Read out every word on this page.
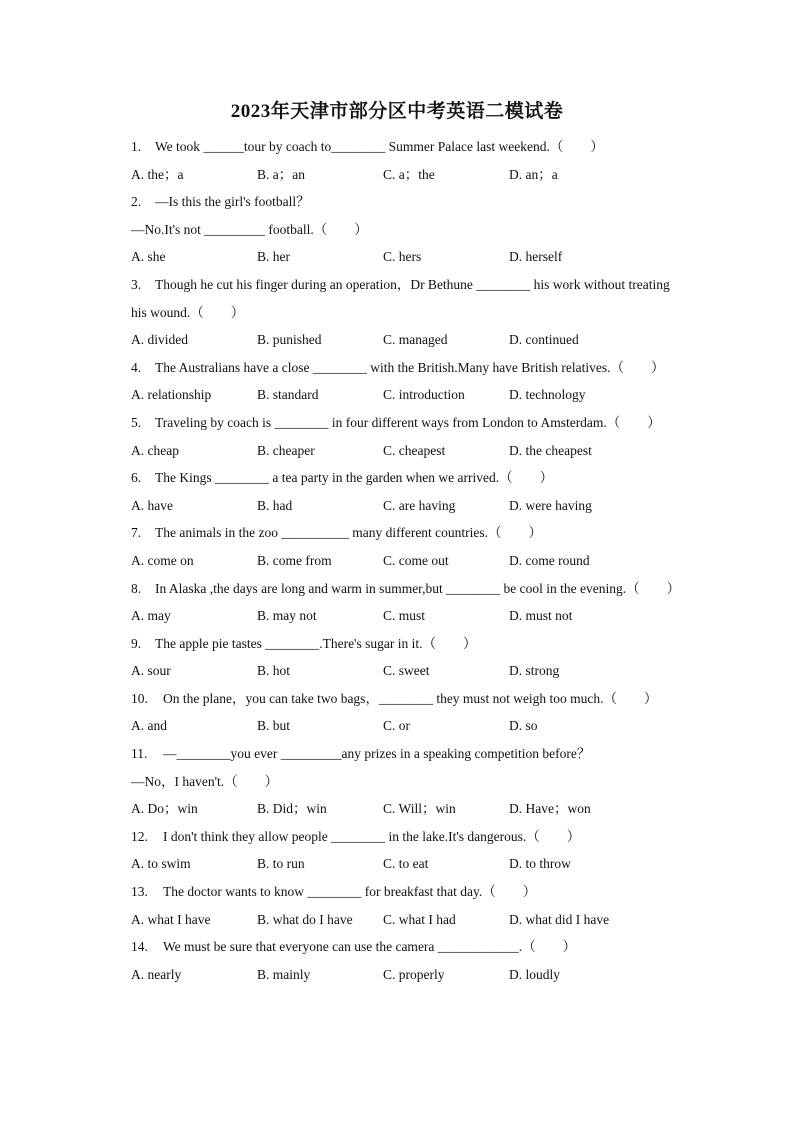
2023年天津市部分区中考英语二模试卷
1. We took ______tour by coach to________ Summer Palace last weekend.（　　）
A. the；a	B. a；an	C. a；the	D. an；a
2. —Is this the girl's football？
—No.It's not _________ football.（　　）
A. she	B. her	C. hers	D. herself
3. Though he cut his finger during an operation，Dr Bethune ________ his work without treating
his wound.（　　）
A. divided	B. punished	C. managed	D. continued
4. The Australians have a close ________ with the British.Many have British relatives.（　　）
A. relationship	B. standard	C. introduction	D. technology
5. Traveling by coach is ________ in four different ways from London to Amsterdam.（　　）
A. cheap	B. cheaper	C. cheapest	D. the cheapest
6. The Kings ________ a tea party in the garden when we arrived.（　　）
A. have	B. had	C. are having	D. were having
7. The animals in the zoo __________ many different countries.（　　）
A. come on	B. come from	C. come out	D. come round
8. In Alaska ,the days are long and warm in summer,but ________ be cool in the evening.（　　）
A. may	B. may not	C. must	D. must not
9. The apple pie tastes ________.There's sugar in it.（　　）
A. sour	B. hot	C. sweet	D. strong
10. On the plane，you can take two bags，________ they must not weigh too much.（　　）
A. and	B. but	C. or	D. so
11. —________you ever _________any prizes in a speaking competition before？
—No，I haven't.（　　）
A. Do；win	B. Did；win	C. Will；win	D. Have；won
12. I don't think they allow people ________ in the lake.It's dangerous.（　　）
A. to swim	B. to run	C. to eat	D. to throw
13. The doctor wants to know ________ for breakfast that day.（　　）
A. what I have	B. what do I have	C. what I had	D. what did I have
14. We must be sure that everyone can use the camera ____________.（　　）
A. nearly	B. mainly	C. properly	D. loudly
